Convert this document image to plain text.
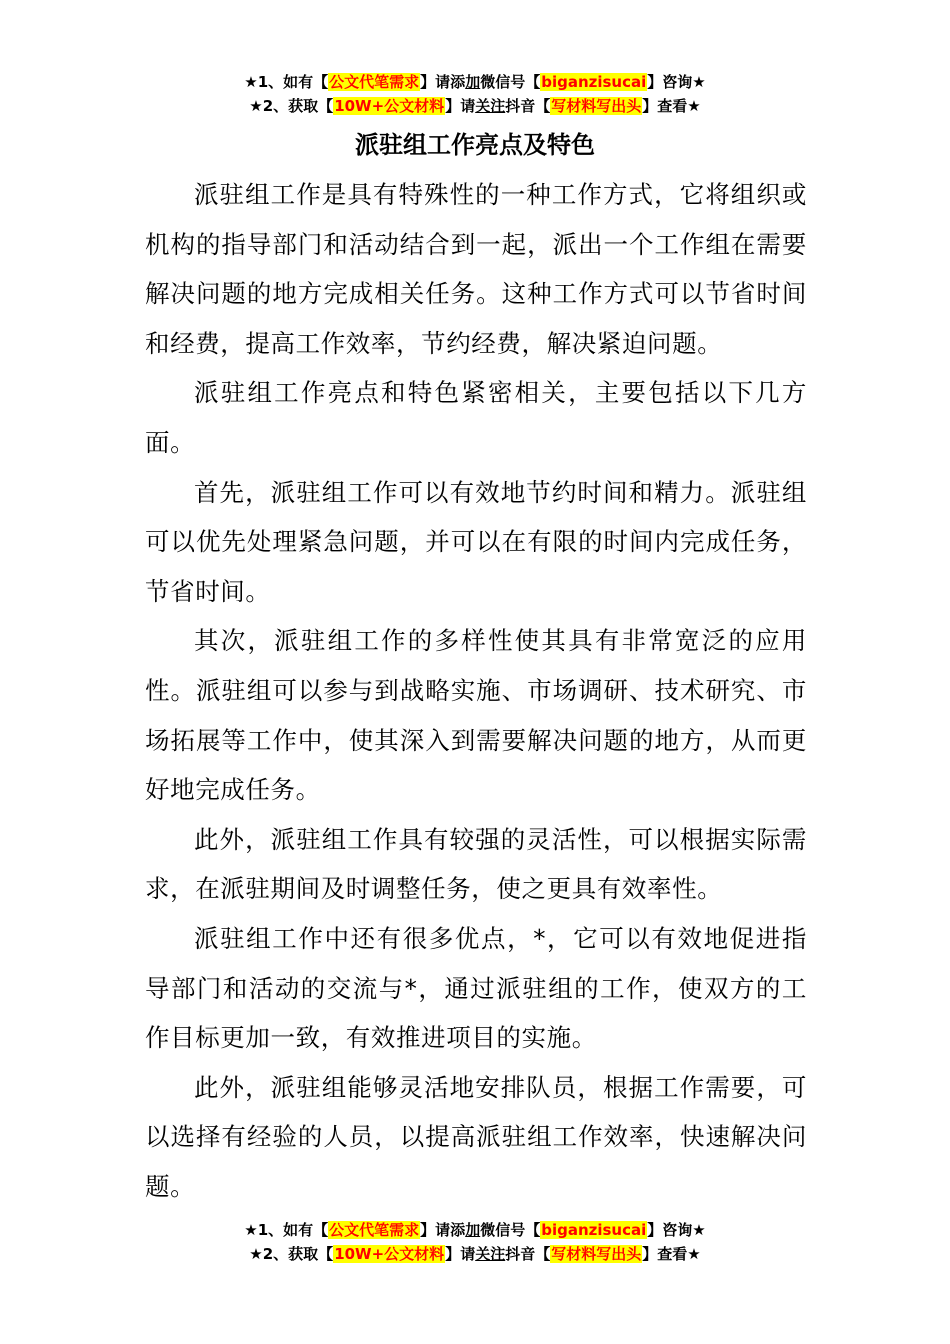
★1、如有【公文代笔需求】请添加微信号【biganzisucai】咨询★
★2、获取【10W+公文材料】请关注抖音【写材料写出头】查看★
派驻组工作亮点及特色

派驻组工作是具有特殊性的一种工作方式，它将组织或机构的指导部门和活动结合到一起，派出一个工作组在需要解决问题的地方完成相关任务。这种工作方式可以节省时间和经费，提高工作效率，节约经费，解决紧迫问题。

派驻组工作亮点和特色紧密相关，主要包括以下几方面。

首先，派驻组工作可以有效地节约时间和精力。派驻组可以优先处理紧急问题，并可以在有限的时间内完成任务，节省时间。

其次，派驻组工作的多样性使其具有非常宽泛的应用性。派驻组可以参与到战略实施、市场调研、技术研究、市场拓展等工作中，使其深入到需要解决问题的地方，从而更好地完成任务。

此外，派驻组工作具有较强的灵活性，可以根据实际需求，在派驻期间及时调整任务，使之更具有效率性。

派驻组工作中还有很多优点，*，它可以有效地促进指导部门和活动的交流与*，通过派驻组的工作，使双方的工作目标更加一致，有效推进项目的实施。

此外，派驻组能够灵活地安排队员，根据工作需要，可以选择有经验的人员，以提高派驻组工作效率，快速解决问题。

★1、如有【公文代笔需求】请添加微信号【biganzisucai】咨询★
★2、获取【10W+公文材料】请关注抖音【写材料写出头】查看★
